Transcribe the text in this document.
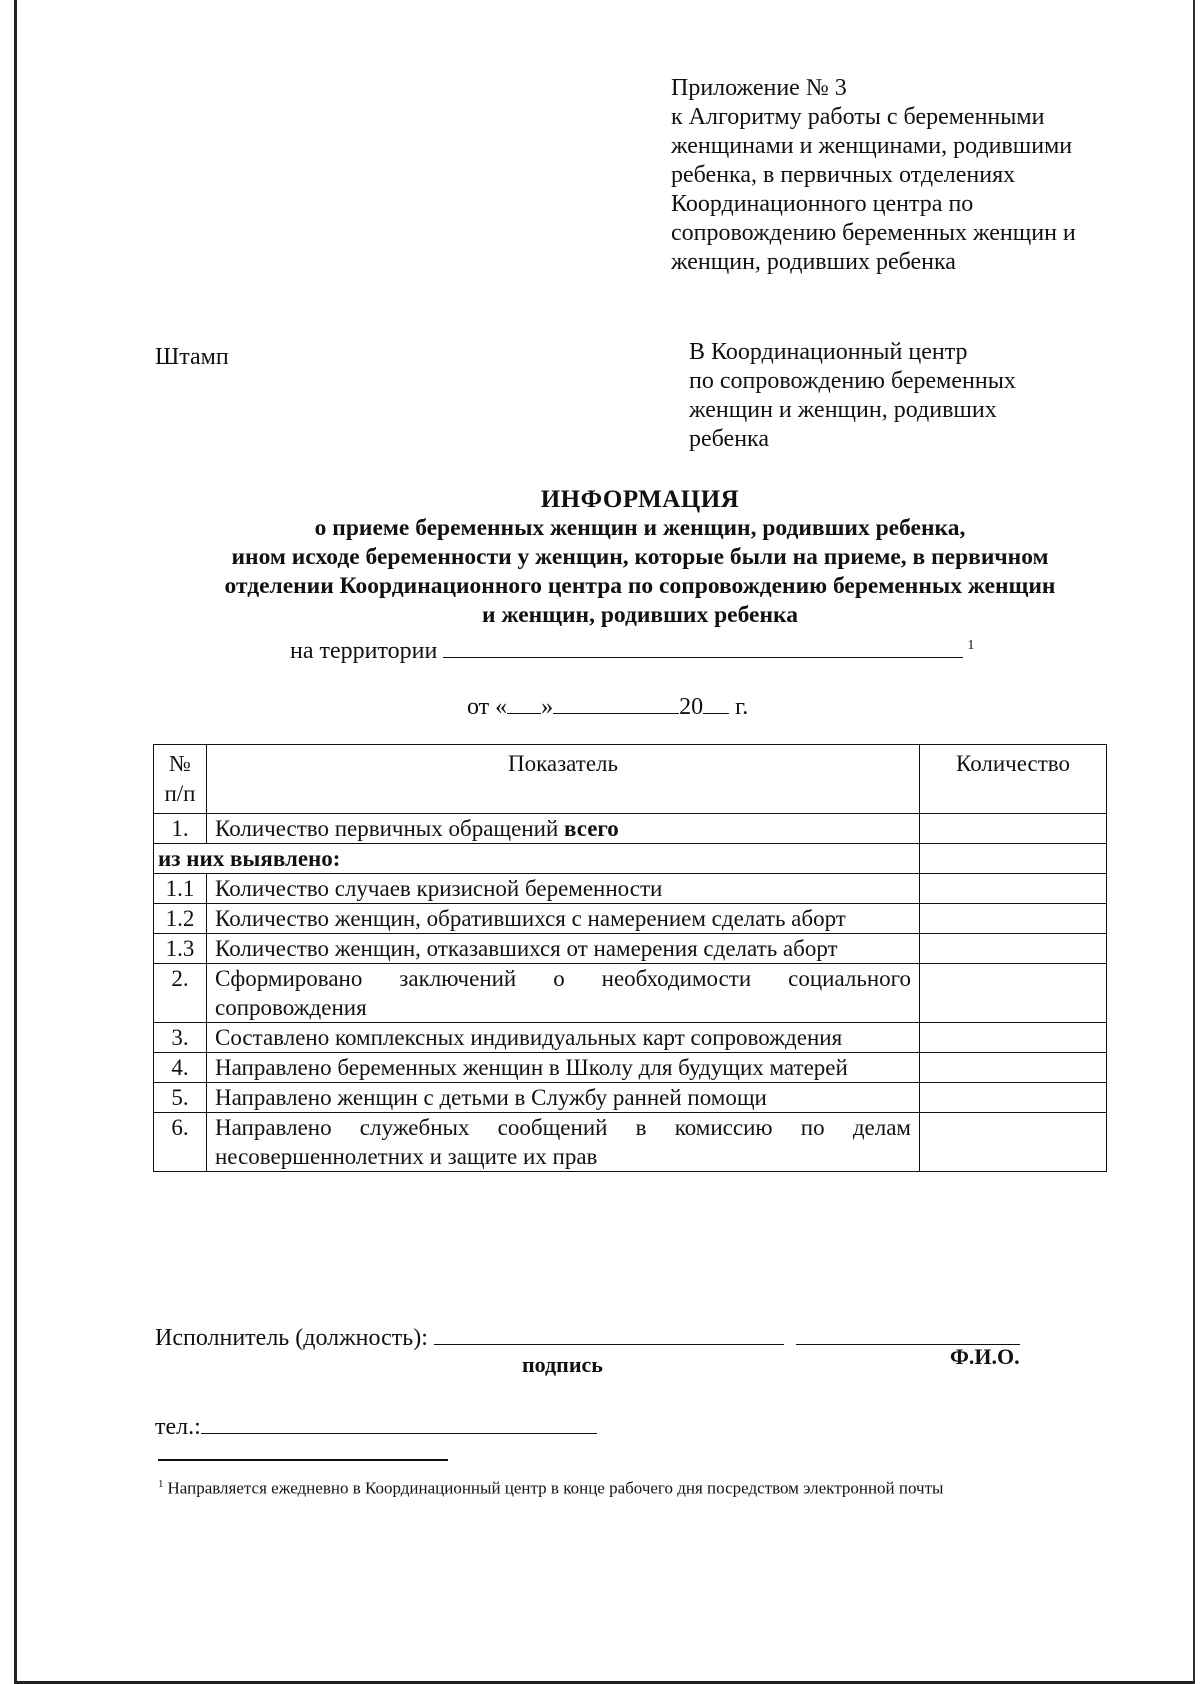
Приложение № 3
к Алгоритму работы с беременными
женщинами и женщинами, родившими
ребенка, в первичных отделениях
Координационного центра по
сопровождению беременных женщин и
женщин, родивших ребенка
Штамп	В Координационный центр
по сопровождению беременных
женщин и женщин, родивших
ребенка
ИНФОРМАЦИЯ
о приеме беременных женщин и женщин, родивших ребенка,
ином исходе беременности у женщин, которые были на приеме, в первичном
отделении Координационного центра по сопровождению беременных женщин
и женщин, родивших ребенка
на территории	$^1$
от « »	20 г.
№ п/п	Показатель	Количество
1.	Количество первичных обращений всего	
из них выявлено:		
1.1	Количество случаев кризисной беременности	
1.2	Количество женщин, обратившихся с намерением сделать аборт	
1.3	Количество женщин, отказавшихся от намерения сделать аборт	
2.	Сформировано заключений о необходимости социального сопровождения	
3.	Составлено комплексных индивидуальных карт сопровождения	
4.	Направлено беременных женщин в Школу для будущих матерей	
5.	Направлено женщин с детьми в Службу ранней помощи	
6.	Направлено служебных сообщений в комиссию по делам несовершеннолетних и защите их прав	
Исполнитель (должность):
подпись	Ф.И.О.
тел.:
$^1$ Направляется ежедневно в Координационный центр в конце рабочего дня посредством электронной почты
